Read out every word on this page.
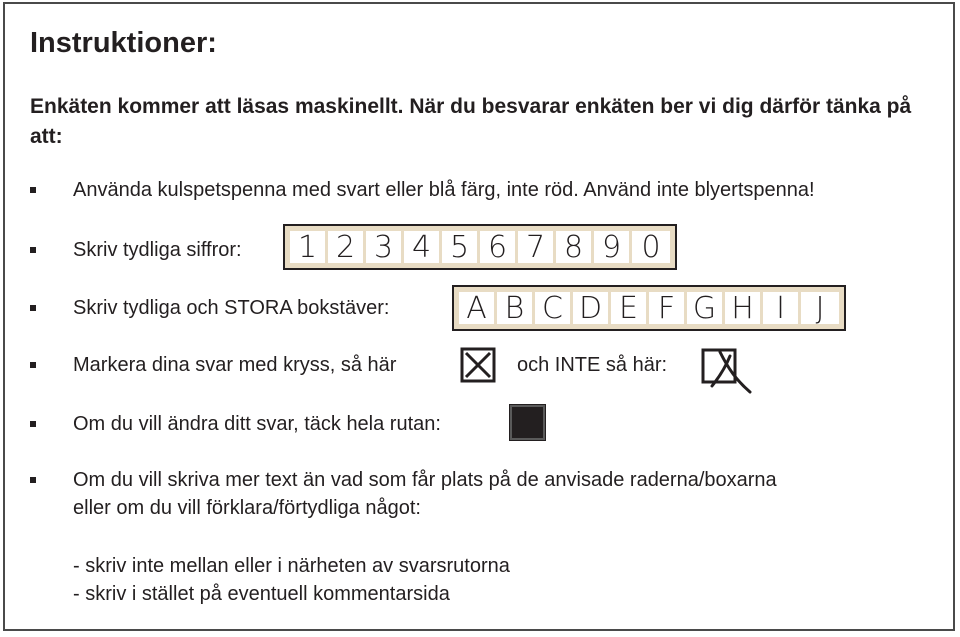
Instruktioner:
Enkäten kommer att läsas maskinellt. När du besvarar enkäten ber vi dig därför tänka på att:
Använda kulspetspenna med svart eller blå färg, inte röd. Använd inte blyertspenna!
Skriv tydliga siffror: 1 2 3 4 5 6 7 8 9 0
Skriv tydliga och STORA bokstäver:	A B C D E F G H I	J
Markera dina svar med kryss, så här	och INTE så här:
Om du vill ändra ditt svar, täck hela rutan:
Om du vill skriva mer text än vad som får plats på de anvisade raderna/boxarna
eller om du vill förklara/förtydliga något:
- skriv inte mellan eller i närheten av svarsrutorna
- skriv i stället på eventuell kommentarsida
